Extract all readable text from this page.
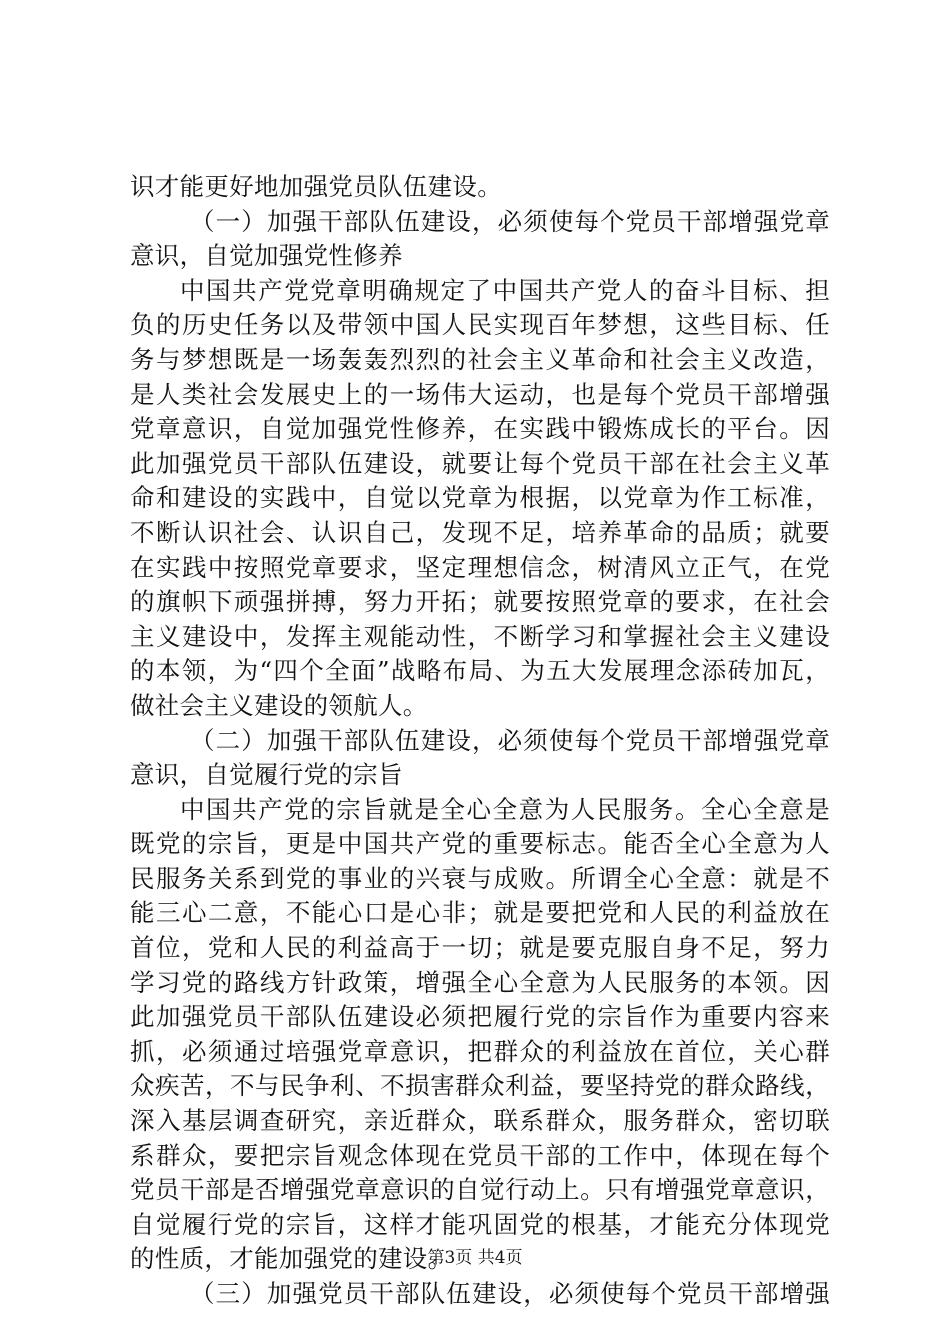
识才能更好地加强党员队伍建设。
（一）加强干部队伍建设，必须使每个党员干部增强党章
意识，自觉加强党性修养
中国共产党党章明确规定了中国共产党人的奋斗目标、担
负的历史任务以及带领中国人民实现百年梦想，这些目标、任
务与梦想既是一场轰轰烈烈的社会主义革命和社会主义改造，
是人类社会发展史上的一场伟大运动，也是每个党员干部增强
党章意识，自觉加强党性修养，在实践中锻炼成长的平台。因
此加强党员干部队伍建设，就要让每个党员干部在社会主义革
命和建设的实践中，自觉以党章为根据，以党章为作工标准，
不断认识社会、认识自己，发现不足，培养革命的品质；就要
在实践中按照党章要求，坚定理想信念，树清风立正气，在党
的旗帜下顽强拼搏，努力开拓；就要按照党章的要求，在社会
主义建设中，发挥主观能动性，不断学习和掌握社会主义建设
的本领，为“四个全面”战略布局、为五大发展理念添砖加瓦，
做社会主义建设的领航人。
（二）加强干部队伍建设，必须使每个党员干部增强党章
意识，自觉履行党的宗旨
中国共产党的宗旨就是全心全意为人民服务。全心全意是
既党的宗旨，更是中国共产党的重要标志。能否全心全意为人
民服务关系到党的事业的兴衰与成败。所谓全心全意：就是不
能三心二意，不能心口是心非；就是要把党和人民的利益放在
首位，党和人民的利益高于一切；就是要克服自身不足，努力
学习党的路线方针政策，增强全心全意为人民服务的本领。因
此加强党员干部队伍建设必须把履行党的宗旨作为重要内容来
抓，必须通过培强党章意识，把群众的利益放在首位，关心群
众疾苦，不与民争利、不损害群众利益，要坚持党的群众路线，
深入基层调查研究，亲近群众，联系群众，服务群众，密切联
系群众，要把宗旨观念体现在党员干部的工作中，体现在每个
党员干部是否增强党章意识的自觉行动上。只有增强党章意识，
自觉履行党的宗旨，这样才能巩固党的根基，才能充分体现党
的性质，才能加强党的建设。
（三）加强党员干部队伍建设，必须使每个党员干部增强
第3页 共4页
